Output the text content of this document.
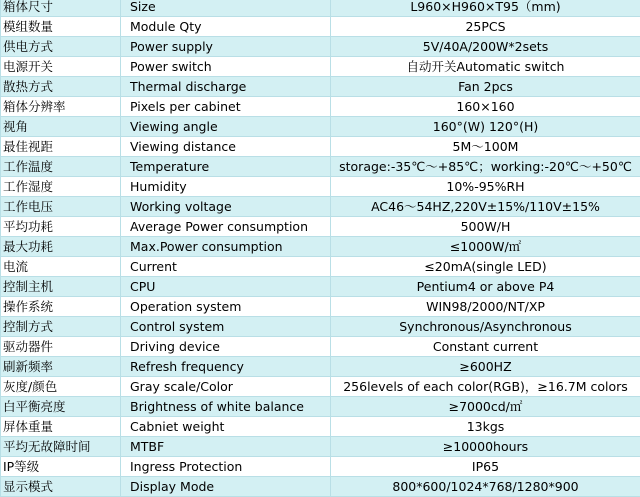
箱体尺寸	Size	L960×H960×T95（mm)
模组数量	Module Qty	25PCS
供电方式	Power supply	5V/40A/200W*2sets
电源开关	Power switch	自动开关Automatic switch
散热方式	Thermal discharge	Fan 2pcs
箱体分辨率	Pixels per cabinet	160×160
视角	Viewing angle	160°(W) 120°(H)
最佳视距	Viewing distance	5M～100M
工作温度	Temperature	storage:-35℃～+85℃；working:-20℃～+50℃
工作湿度	Humidity	10%-95%RH
工作电压	Working voltage	AC46～54HZ,220V±15%/110V±15%
平均功耗	Average Power consumption	500W/H
最大功耗	Max.Power consumption	≤1000W/㎡
电流	Current	≤20mA(single LED)
控制主机	CPU	Pentium4 or above P4
操作系统	Operation system	WIN98/2000/NT/XP
控制方式	Control system	Synchronous/Asynchronous
驱动器件	Driving device	Constant current
刷新频率	Refresh frequency	≥600HZ
灰度/颜色	Gray scale/Color	256levels of each color(RGB)，≥16.7M colors
白平衡亮度	Brightness of white balance	≥7000cd/㎡
屏体重量	Cabniet weight	13kgs
平均无故障时间	MTBF	≥10000hours
IP等级	Ingress Protection	IP65
显示模式	Display Mode	800*600/1024*768/1280*900
